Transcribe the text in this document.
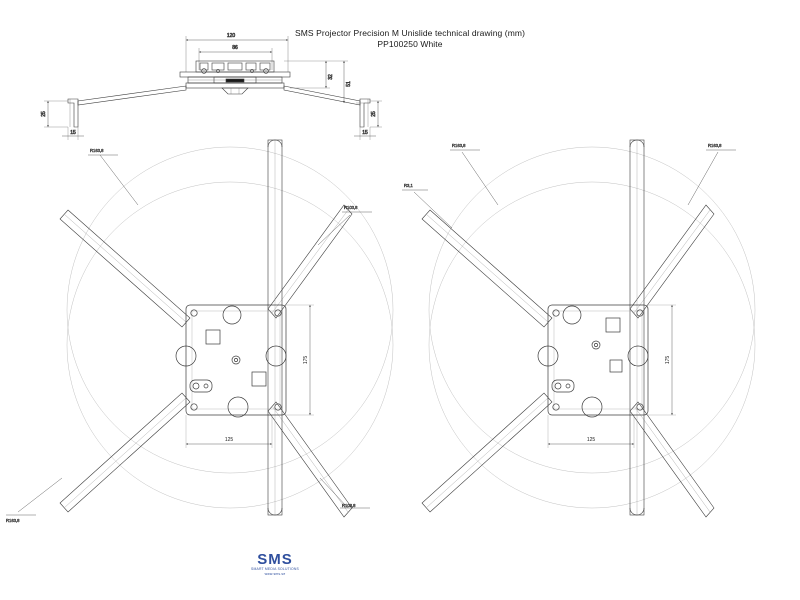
SMS Projector Precision M Unislide technical drawing (mm)
PP100250 White
120
86
32
51
25	25
15	15
R163,8
R103,8
R163,8
R103,8
125
175
R163,8	R163,8
R3,1
125
175
SMS
SMART MEDIA SOLUTIONS
www.sms.se
